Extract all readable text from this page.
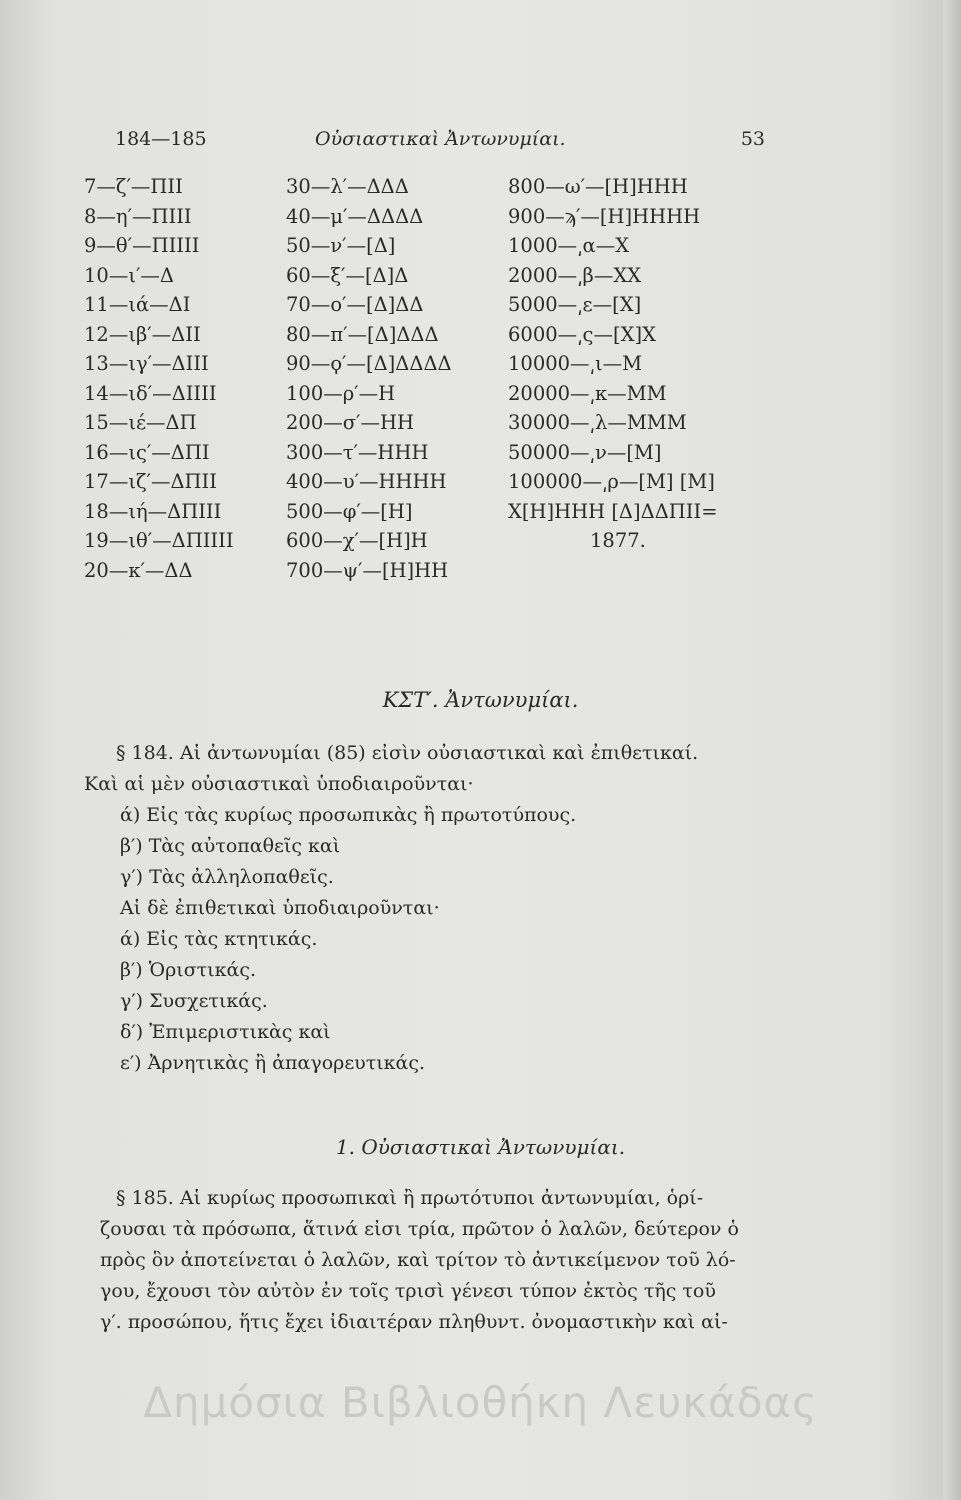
184—185	Οὐσιαστικαὶ Ἀντωνυμίαι.	53
7—ζ′—ΠΙΙ
8—η′—ΠΙΙΙ
9—θ′—ΠΙΙΙΙ
10—ι′—Δ
11—ιά—ΔΙ
12—ιβ′—ΔΙΙ
13—ιγ′—ΔΙΙΙ
14—ιδ′—ΔΙΙΙΙ
15—ιέ—ΔΠ
16—ις′—ΔΠΙ
17—ιζ′—ΔΠΙΙ
18—ιή—ΔΠΙΙΙ
19—ιθ′—ΔΠΙΙΙΙ
20—κ′—ΔΔ
30—λ′—ΔΔΔ
40—μ′—ΔΔΔΔ
50—ν′—[Δ]
60—ξ′—[Δ]Δ
70—ο′—[Δ]ΔΔ
80—π′—[Δ]ΔΔΔ
90—ϙ′—[Δ]ΔΔΔΔ
100—ρ′—Η
200—σ′—ΗΗ
300—τ′—ΗΗΗ
400—υ′—ΗΗΗΗ
500—φ′—[Η]
600—χ′—[Η]Η
700—ψ′—[Η]ΗΗ
800—ω′—[Η]ΗΗΗ
900—ϡ′—[Η]ΗΗΗΗ
1000—͵α—Χ
2000—͵β—ΧΧ
5000—͵ε—[Χ]
6000—͵ς—[Χ]Χ
10000—͵ι—Μ
20000—͵κ—ΜΜ
30000—͵λ—ΜΜΜ
50000—͵ν—[Μ]
100000—͵ρ—[Μ] [Μ]
Χ[Η]ΗΗΗ [Δ]ΔΔΠΙΙ=
1877.
ΚΣΤ′. Ἀντωνυμίαι.
§ 184. Αἱ ἀντωνυμίαι (85) εἰσὶν οὐσιαστικαὶ καὶ ἐπιθετικαί.
Καὶ αἱ μὲν οὐσιαστικαὶ ὑποδιαιροῦνται·
ά) Εἰς τὰς κυρίως προσωπικὰς ἢ πρωτοτύπους.
β′) Τὰς αὐτοπαθεῖς καὶ
γ′) Τὰς ἀλληλοπαθεῖς.
Αἱ δὲ ἐπιθετικαὶ ὑποδιαιροῦνται·
ά) Εἰς τὰς κτητικάς.
β′) Ὁριστικάς.
γ′) Συσχετικάς.
δ′) Ἐπιμεριστικὰς καὶ
ε′) Ἀρνητικὰς ἢ ἀπαγορευτικάς.
1. Οὐσιαστικαὶ Ἀντωνυμίαι.
§ 185. Αἱ κυρίως προσωπικαὶ ἢ πρωτότυποι ἀντωνυμίαι, ὁρί-
ζουσαι τὰ πρόσωπα, ἅτινά εἰσι τρία, πρῶτον ὁ λαλῶν, δεύτερον ὁ
πρὸς ὃν ἀποτείνεται ὁ λαλῶν, καὶ τρίτον τὸ ἀντικείμενον τοῦ λό-
γου, ἔχουσι τὸν αὐτὸν ἐν τοῖς τρισὶ γένεσι τύπον ἐκτὸς τῆς τοῦ
γ′. προσώπου, ἥτις ἔχει ἰδιαιτέραν πληθυντ. ὀνομαστικὴν καὶ αἰ-
Δημόσια Βιβλιοθήκη Λευκάδας
